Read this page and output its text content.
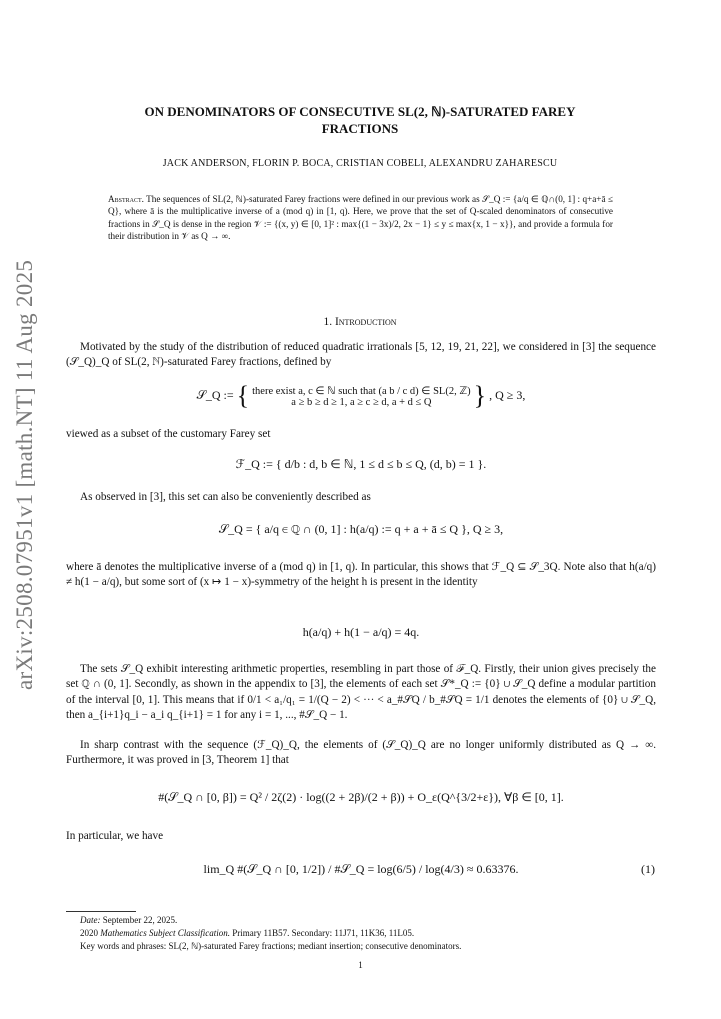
arXiv:2508.07951v1 [math.NT] 11 Aug 2025
ON DENOMINATORS OF CONSECUTIVE SL(2, ℕ)-SATURATED FAREY
FRACTIONS
JACK ANDERSON, FLORIN P. BOCA, CRISTIAN COBELI, ALEXANDRU ZAHARESCU
Abstract. The sequences of SL(2, ℕ)-saturated Farey fractions were defined in our previous work as 𝒮_Q := {a/q ∈ ℚ∩(0, 1] : q+a+ā ≤ Q}, where ā is the multiplicative inverse of a (mod q) in [1, q). Here, we prove that the set of Q-scaled denominators of consecutive fractions in 𝒮_Q is dense in the region 𝒱 := {(x, y) ∈ [0, 1]² : max{(1 − 3x)/2, 2x − 1} ≤ y ≤ max{x, 1 − x}}, and provide a formula for their distribution in 𝒱 as Q → ∞.
1. Introduction
Motivated by the study of the distribution of reduced quadratic irrationals [5, 12, 19, 21, 22], we considered in [3] the sequence (𝒮_Q)_Q of SL(2, ℕ)-saturated Farey fractions, defined by
𝒮_Q := { there exist a, c ∈ ℕ such that (a b / c d) ∈ SL(2, ℤ)
a ≥ b ≥ d ≥ 1, a ≥ c ≥ d, a + d ≤ Q	} , Q ≥ 3,
viewed as a subset of the customary Farey set
ℱ_Q := { d/b : d, b ∈ ℕ, 1 ≤ d ≤ b ≤ Q, (d, b) = 1 }.
As observed in [3], this set can also be conveniently described as
𝒮_Q = { a/q ∈ ℚ ∩ (0, 1] : h(a/q) := q + a + ā ≤ Q }, Q ≥ 3,
where ā denotes the multiplicative inverse of a (mod q) in [1, q). In particular, this shows that ℱ_Q ⊆ 𝒮_3Q. Note also that h(a/q) ≠ h(1 − a/q), but some sort of (x ↦ 1 − x)-symmetry of the height h is present in the identity
h(a/q) + h(1 − a/q) = 4q.
The sets 𝒮_Q exhibit interesting arithmetic properties, resembling in part those of ℱ_Q. Firstly, their union gives precisely the set ℚ ∩ (0, 1]. Secondly, as shown in the appendix to [3], the elements of each set 𝒮*_Q := {0} ∪ 𝒮_Q define a modular partition of the interval [0, 1]. This means that if 0/1 < a₁/q₁ = 1/(Q − 2) < ··· < a_#𝒮Q / b_#𝒮Q = 1/1 denotes the elements of {0} ∪ 𝒮_Q, then a_{i+1}q_i − a_i q_{i+1} = 1 for any i = 1, ..., #𝒮_Q − 1.
In sharp contrast with the sequence (ℱ_Q)_Q, the elements of (𝒮_Q)_Q are no longer uniformly distributed as Q → ∞. Furthermore, it was proved in [3, Theorem 1] that
#(𝒮_Q ∩ [0, β]) = Q² / 2ζ(2) · log((2 + 2β)/(2 + β)) + O_ε(Q^{3/2+ε}), ∀β ∈ [0, 1].
In particular, we have
lim_Q #(𝒮_Q ∩ [0, 1/2]) / #𝒮_Q = log(6/5) / log(4/3) ≈ 0.63376.	(1)
Date: September 22, 2025.
2020 Mathematics Subject Classification. Primary 11B57. Secondary: 11J71, 11K36, 11L05.
Key words and phrases: SL(2, ℕ)-saturated Farey fractions; mediant insertion; consecutive denominators.
1
